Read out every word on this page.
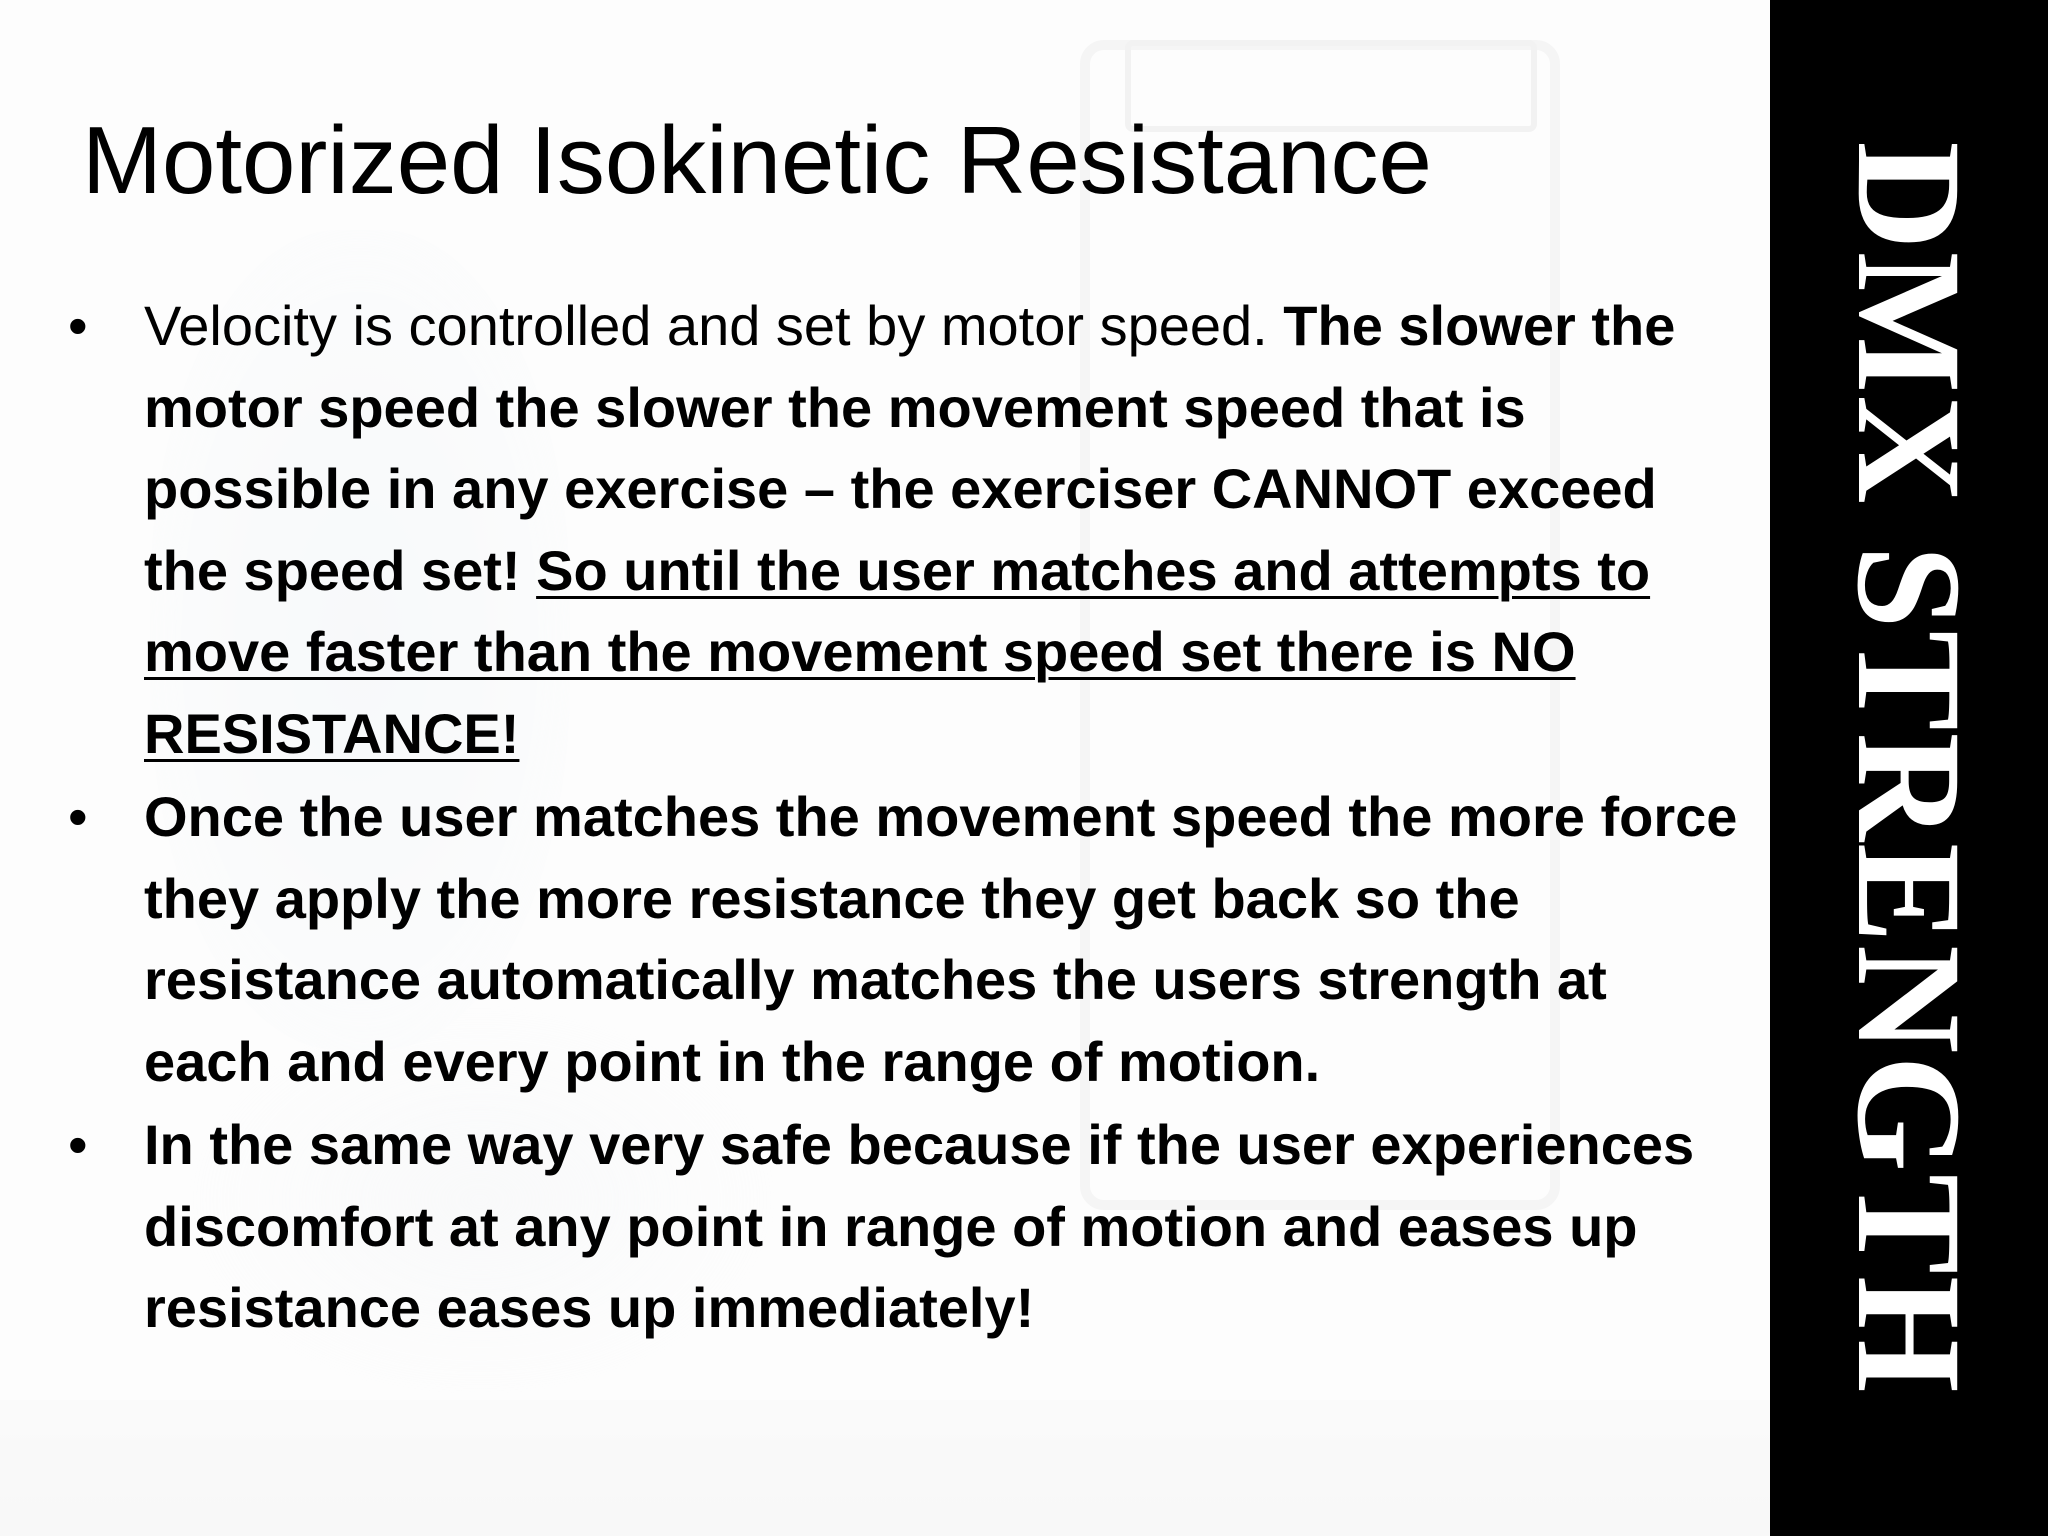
Motorized Isokinetic Resistance
• Velocity is controlled and set by motor speed. The slower the motor speed the slower the movement speed that is possible in any exercise – the exerciser CANNOT exceed the speed set! So until the user matches and attempts to move faster than the movement speed set there is NO RESISTANCE!
• Once the user matches the movement speed the more force they apply the more resistance they get back so the resistance automatically matches the users strength at each and every point in the range of motion.
• In the same way very safe because if the user experiences discomfort at any point in range of motion and eases up resistance eases up immediately!	DMX STRENGTH
